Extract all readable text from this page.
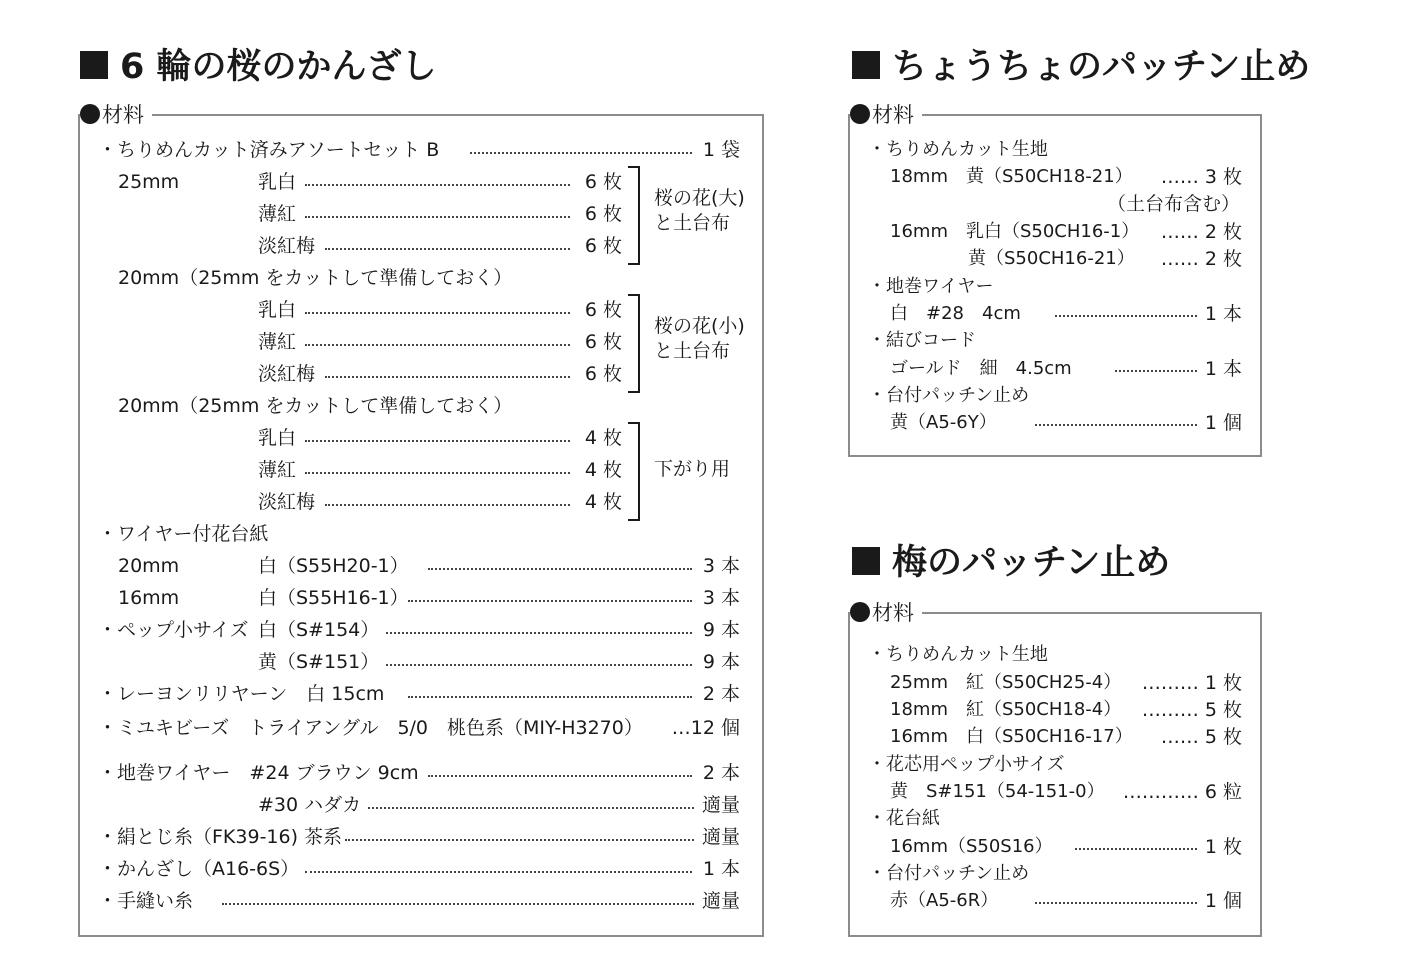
6 輪の桜のかんざし
材料
・ちりめんカット済みアソートセット B	1 袋
25mm	乳白	6 枚
薄紅	6 枚
淡紅梅	6 枚
20mm（25mm をカットして準備しておく）
乳白	6 枚
薄紅	6 枚
淡紅梅	6 枚
20mm（25mm をカットして準備しておく）
乳白	4 枚
薄紅	4 枚
淡紅梅	4 枚
桜の花(大)
と土台布
桜の花(小)
と土台布
下がり用
・ワイヤー付花台紙
20mm	白（S55H20-1）	3 本
16mm	白（S55H16-1）	3 本
・ペップ小サイズ 白（S#154）	9 本
黄（S#151）	9 本
・レーヨンリリヤーン　白 15cm	2 本
・ミユキビーズ　トライアングル　5/0　桃色系（MIY-H3270）	…12 個
・地巻ワイヤー　#24 ブラウン 9cm	2 本
#30 ハダカ	適量
・絹とじ糸（FK39-16) 茶系	適量
・かんざし（A16-6S）	1 本
・手縫い糸	適量
ちょうちょのパッチン止め
材料
・ちりめんカット生地
18mm　黄（S50CH18-21）	…… 3 枚
（土台布含む）
16mm　乳白（S50CH16-1）	…… 2 枚
黄（S50CH16-21）	…… 2 枚
・地巻ワイヤー
白　#28　4cm	1 本
・結びコード
ゴールド　細　4.5cm	1 本
・台付パッチン止め
黄（A5-6Y）	1 個
梅のパッチン止め
材料
・ちりめんカット生地
25mm　紅（S50CH25-4）	……… 1 枚
18mm　紅（S50CH18-4）	……… 5 枚
16mm　白（S50CH16-17）	…… 5 枚
・花芯用ペップ小サイズ
黄　S#151（54-151-0） ………… 6 粒
・花台紙
16mm（S50S16）	1 枚
・台付パッチン止め
赤（A5-6R）	1 個
